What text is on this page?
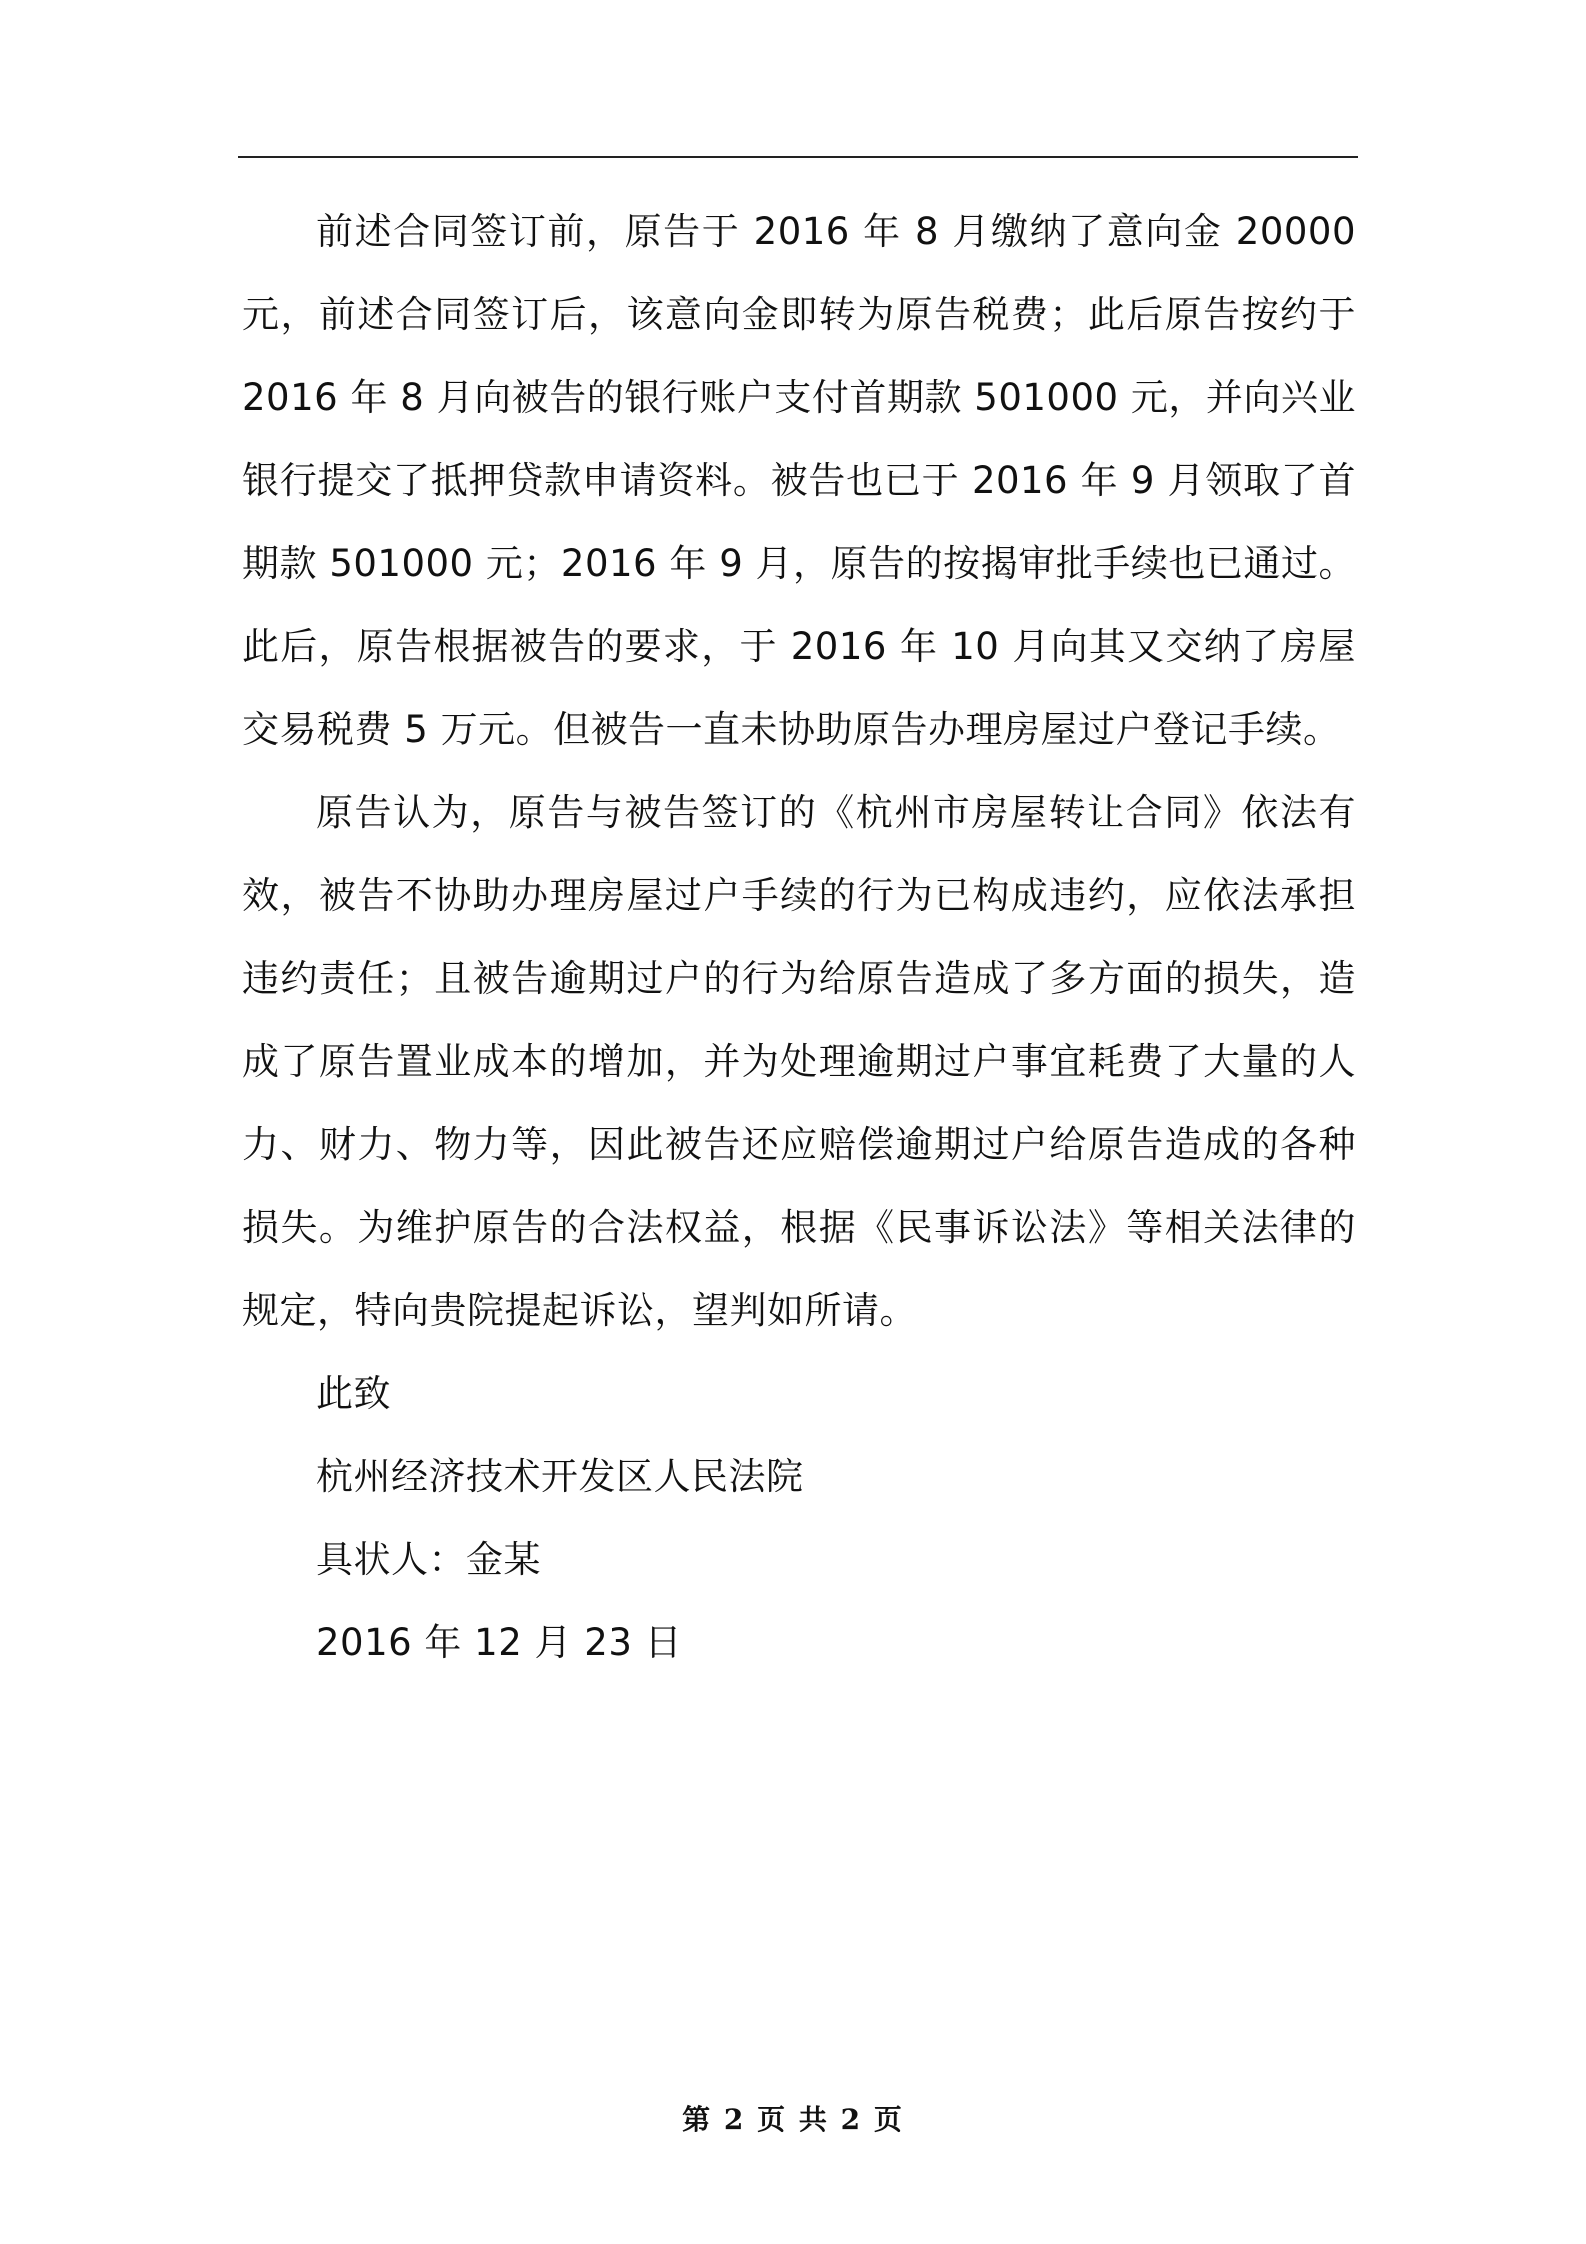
前述合同签订前，原告于 2016 年 8 月缴纳了意向金 20000 元，前述合同签订后，该意向金即转为原告税费；此后原告按约于 2016 年 8 月向被告的银行账户支付首期款 501000 元，并向兴业银行提交了抵押贷款申请资料。被告也已于 2016 年 9 月领取了首期款 501000 元；2016 年 9 月，原告的按揭审批手续也已通过。此后，原告根据被告的要求，于 2016 年 10 月向其又交纳了房屋交易税费 5 万元。但被告一直未协助原告办理房屋过户登记手续。

原告认为，原告与被告签订的《杭州市房屋转让合同》依法有效，被告不协助办理房屋过户手续的行为已构成违约，应依法承担违约责任；且被告逾期过户的行为给原告造成了多方面的损失，造成了原告置业成本的增加，并为处理逾期过户事宜耗费了大量的人力、财力、物力等，因此被告还应赔偿逾期过户给原告造成的各种损失。为维护原告的合法权益，根据《民事诉讼法》等相关法律的规定，特向贵院提起诉讼，望判如所请。

此致

杭州经济技术开发区人民法院

具状人：金某

2016 年 12 月 23 日

第 2 页 共 2 页
